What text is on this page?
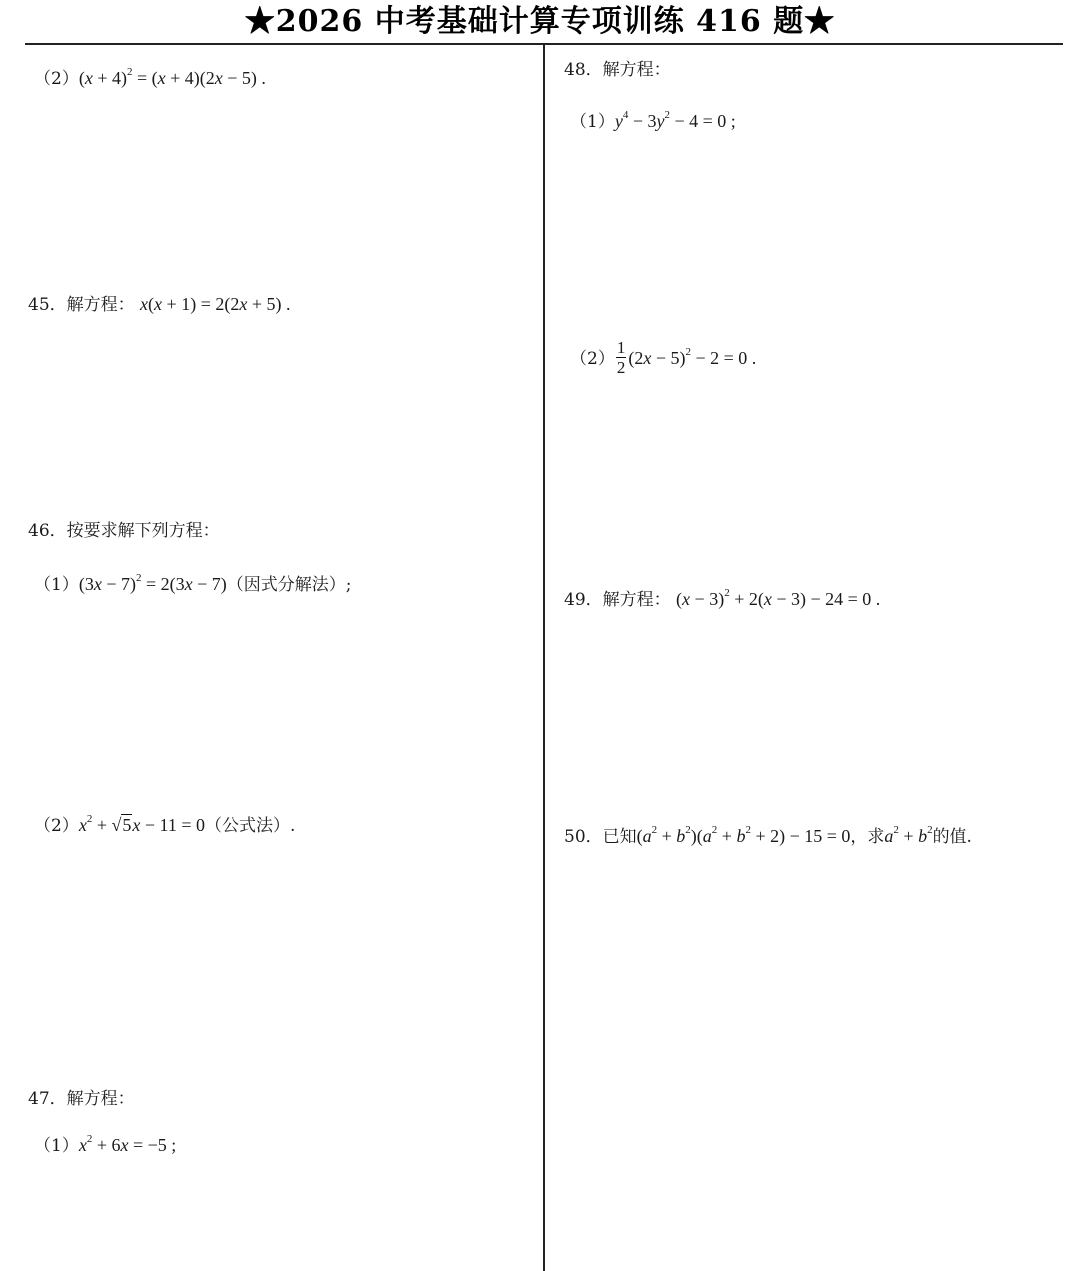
★2026 中考基础计算专项训练 416 题★
$(2)(x + 4)^2 = (x + 4)(2x - 5)$ .
45．解方程： x(x + 1) = 2(2x + 5) .
46．按要求解下列方程：
$(1)(3x - 7)^2 = 2(3x - 7)$（因式分解法）;
$(2)x^2 + √5x - 11 = 0$（公式法）.
47．解方程：
$(1)x^2 + 6x = -5$ ;
48．解方程：
$(1)y^4 - 3y^2 - 4 = 0$ ;
$(2) \frac{1}{2} (2x - 5)^2 - 2 = 0$ .
49．解方程： $(x - 3)^2 + 2(x - 3) - 24 = 0$ .
50．已知$(a^2 + b^2)(a^2 + b^2 + 2) - 15 = 0$，求$a^2 + b^2$的值.
